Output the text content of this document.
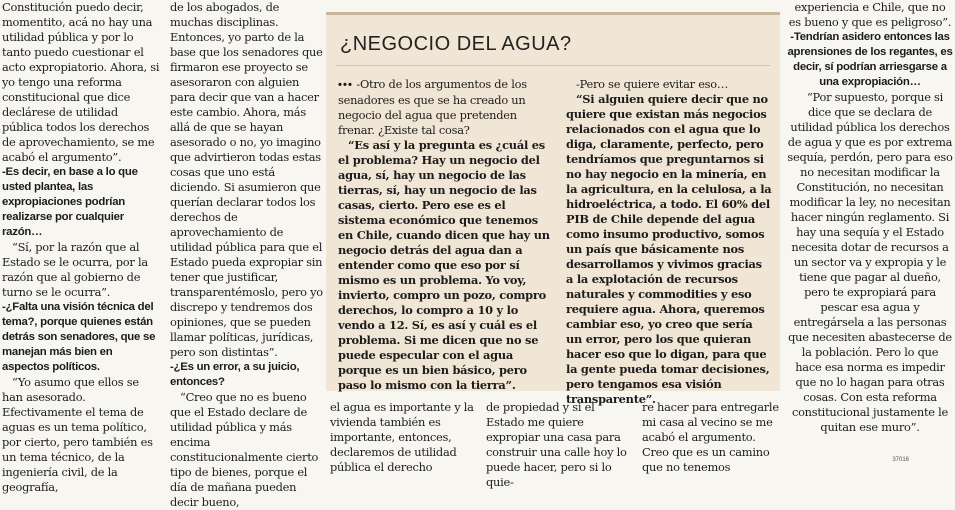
Constitución puedo decir, momentito, acá no hay una utilidad pública y por lo tanto puedo cuestionar el acto expropiatorio. Ahora, si yo tengo una reforma constitucional que dice declárese de utilidad pública todos los derechos de aprovechamiento, se me acabó el argumento”.

-Es decir, en base a lo que usted plantea, las expropiaciones podrían realizarse por cualquier razón…

“Sí, por la razón que al Estado se le ocurra, por la razón que al gobierno de turno se le ocurra”.

-¿Falta una visión técnica del tema?, porque quienes están detrás son senadores, que se manejan más bien en aspectos políticos.

“Yo asumo que ellos se han asesorado. Efectivamente el tema de aguas es un tema político, por cierto, pero también es un tema técnico, de la ingeniería civil, de la geografía,

de los abogados, de muchas disciplinas. Entonces, yo parto de la base que los senadores que firmaron ese proyecto se asesoraron con alguien para decir que van a hacer este cambio. Ahora, más allá de que se hayan asesorado o no, yo imagino que advirtieron todas estas cosas que uno está diciendo. Si asumieron que querían declarar todos los derechos de aprovechamiento de utilidad pública para que el Estado pueda expropiar sin tener que justificar, transparentémoslo, pero yo discrepo y tendremos dos opiniones, que se pueden llamar políticas, jurídicas, pero son distintas”.

-¿Es un error, a su juicio, entonces?

“Creo que no es bueno que el Estado declare de utilidad pública y más encima constitucionalmente cierto tipo de bienes, porque el día de mañana pueden decir bueno,

¿NEGOCIO DEL AGUA?

••• -Otro de los argumentos de los senadores es que se ha creado un negocio del agua que pretenden frenar. ¿Existe tal cosa?

“Es así y la pregunta es ¿cuál es el problema? Hay un negocio del agua, sí, hay un negocio de las tierras, sí, hay un negocio de las casas, cierto. Pero ese es el sistema económico que tenemos en Chile, cuando dicen que hay un negocio detrás del agua dan a entender como que eso por sí mismo es un problema. Yo voy, invierto, compro un pozo, compro derechos, lo compro a 10 y lo vendo a 12. Sí, es así y cuál es el problema. Si me dicen que no se puede especular con el agua porque es un bien básico, pero paso lo mismo con la tierra”.

-Pero se quiere evitar eso…

“Si alguien quiere decir que no quiere que existan más negocios relacionados con el agua que lo diga, claramente, perfecto, pero tendríamos que preguntarnos si no hay negocio en la minería, en la agricultura, en la celulosa, a la hidroeléctrica, a todo. El 60% del PIB de Chile depende del agua como insumo productivo, somos un país que básicamente nos desarrollamos y vivimos gracias a la explotación de recursos naturales y commodities y eso requiere agua. Ahora, queremos cambiar eso, yo creo que sería un error, pero los que quieran hacer eso que lo digan, para que la gente pueda tomar decisiones, pero tengamos esa visión transparente”.

el agua es importante y la vivienda también es importante, entonces, declaremos de utilidad pública el derecho

de propiedad y si el Estado me quiere expropiar una casa para construir una calle hoy lo puede hacer, pero si lo quie-

re hacer para entregarle mi casa al vecino se me acabó el argumento. Creo que es un camino que no tenemos

experiencia e Chile, que no es bueno y que es peligroso”.

-Tendrían asidero entonces las aprensiones de los regantes, es decir, sí podrían arriesgarse a una expropiación…

“Por supuesto, porque si dice que se declara de utilidad pública los derechos de agua y que es por extrema sequía, perdón, pero para eso no necesitan modificar la Constitución, no necesitan modificar la ley, no necesitan hacer ningún reglamento. Si hay una sequía y el Estado necesita dotar de recursos a un sector va y expropia y le tiene que pagar al dueño, pero te expropiará para pescar esa agua y entregársela a las personas que necesiten abastecerse de la población. Pero lo que hace esa norma es impedir que no lo hagan para otras cosas. Con esta reforma constitucional justamente le quitan ese muro”.

37016
